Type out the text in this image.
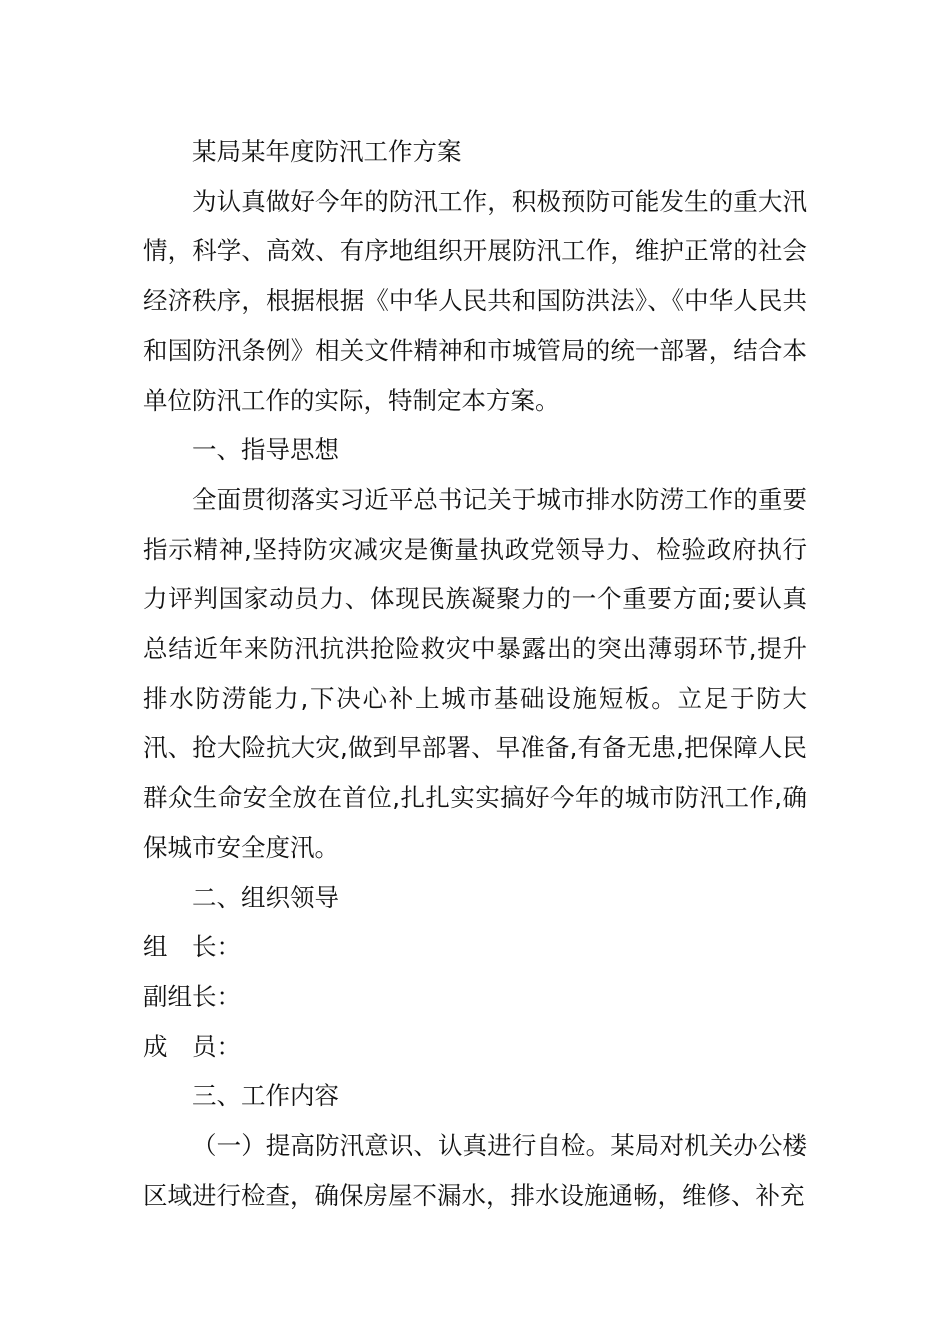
某局某年度防汛工作方案

为认真做好今年的防汛工作，积极预防可能发生的重大汛情，科学、高效、有序地组织开展防汛工作，维护正常的社会经济秩序，根据根据《中华人民共和国防洪法》、《中华人民共和国防汛条例》相关文件精神和市城管局的统一部署，结合本单位防汛工作的实际，特制定本方案。

一、指导思想

全面贯彻落实习近平总书记关于城市排水防涝工作的重要指示精神,坚持防灾减灾是衡量执政党领导力、检验政府执行力评判国家动员力、体现民族凝聚力的一个重要方面;要认真总结近年来防汛抗洪抢险救灾中暴露出的突出薄弱环节,提升排水防涝能力,下决心补上城市基础设施短板。立足于防大汛、抢大险抗大灾,做到早部署、早准备,有备无患,把保障人民群众生命安全放在首位,扎扎实实搞好今年的城市防汛工作,确保城市安全度汛。

二、组织领导

组　长：

副组长：

成　员：

三、工作内容

（一）提高防汛意识、认真进行自检。某局对机关办公楼区域进行检查，确保房屋不漏水，排水设施通畅，维修、补充
